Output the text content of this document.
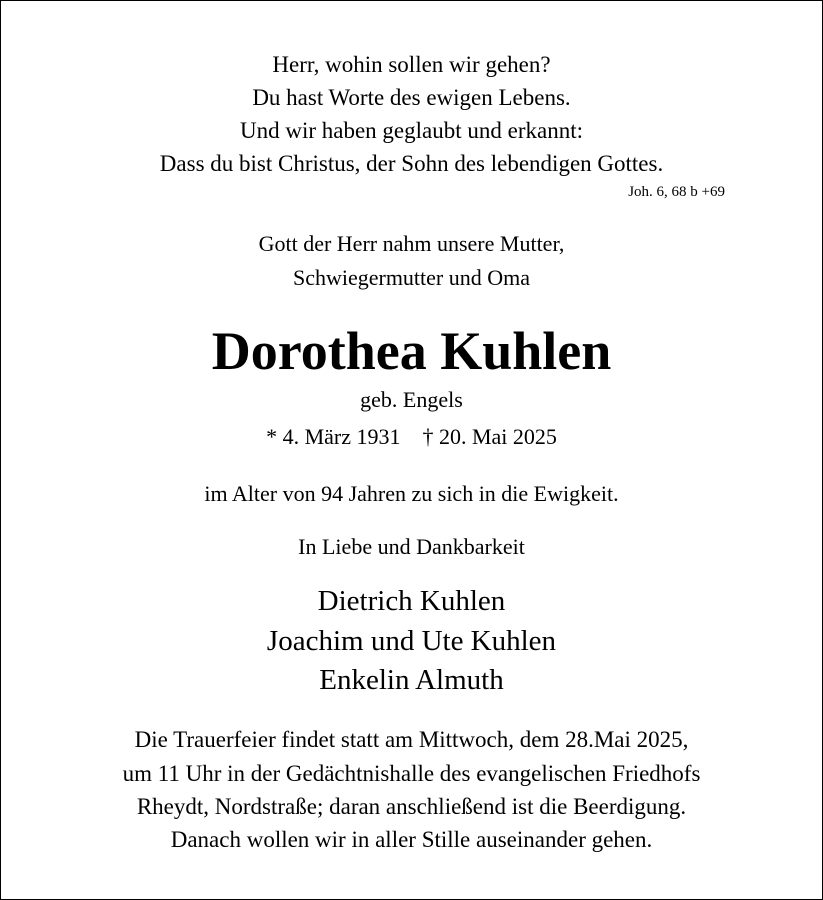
Herr, wohin sollen wir gehen?
Du hast Worte des ewigen Lebens.
Und wir haben geglaubt und erkannt:
Dass du bist Christus, der Sohn des lebendigen Gottes.
Joh. 6, 68 b +69
Gott der Herr nahm unsere Mutter,
Schwiegermutter und Oma
Dorothea Kuhlen
geb. Engels
* 4. März 1931 † 20. Mai 2025
im Alter von 94 Jahren zu sich in die Ewigkeit.
In Liebe und Dankbarkeit
Dietrich Kuhlen
Joachim und Ute Kuhlen
Enkelin Almuth
Die Trauerfeier findet statt am Mittwoch, dem 28.Mai 2025,
um 11 Uhr in der Gedächtnishalle des evangelischen Friedhofs
Rheydt, Nordstraße; daran anschließend ist die Beerdigung.
Danach wollen wir in aller Stille auseinander gehen.
